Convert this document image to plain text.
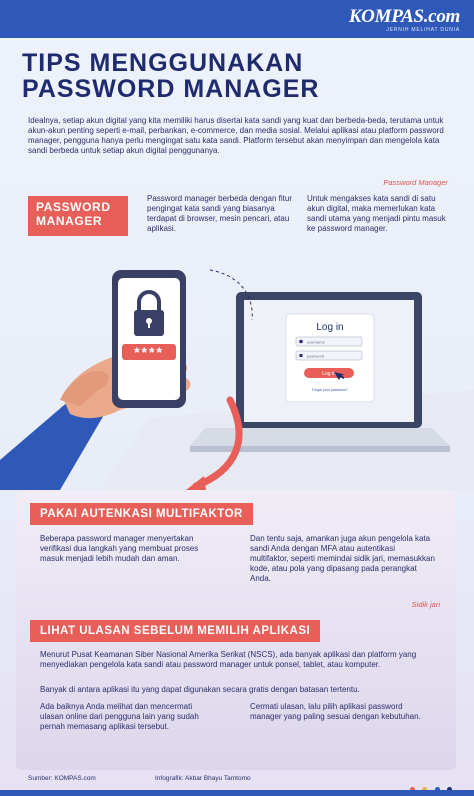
KOMPAS.com
JERNIH MELIHAT DUNIA
TIPS MENGGUNAKAN
PASSWORD MANAGER
Idealnya, setiap akun digital yang kita memiliki harus disertai kata sandi yang kuat dan berbeda-beda, terutama untuk akun-akun penting seperti e-mail, perbankan, e-commerce, dan media sosial. Melalui aplikasi atau platform password manager, pengguna hanya perlu mengingat satu kata sandi. Platform tersebut akan menyimpan dan mengelola kata sandi berbeda untuk setiap akun digital penggunanya.
Password Manager
PASSWORD
MANAGER
Password manager berbeda dengan fitur pengingat kata sandi yang biasanya terdapat di browser, mesin pencari, atau aplikasi.
Untuk mengakses kata sandi di satu akun digital, maka memerlukan kata sandi utama yang menjadi pintu masuk ke password manager.
Log in
username
password
Log in
Forgot your password?
****
PAKAI AUTENKASI MULTIFAKTOR
Beberapa password manager menyertakan verifikasi dua langkah yang membuat proses masuk menjadi lebih mudah dan aman.
Dan tentu saja, amankan juga akun pengelola kata sandi Anda dengan MFA atau autentikasi multifaktor, seperti memindai sidik jari, memasukkan kode, atau pola yang dipasang pada perangkat Anda.
Sidik jari
LIHAT ULASAN SEBELUM MEMILIH APLIKASI
Menurut Pusat Keamanan Siber Nasional Amerika Serikat (NSCS), ada banyak aplikasi dan platform yang menyediakan pengelola kata sandi atau password manager untuk ponsel, tablet, atau komputer.
Banyak di antara aplikasi itu yang dapat digunakan secara gratis dengan batasan tertentu.
Ada baiknya Anda melihat dan mencermati ulasan online dari pengguna lain yang sudah pernah memasang aplikasi tersebut.
Cermati ulasan, lalu pilih aplikasi password manager yang paling sesuai dengan kebutuhan.
Sumber: KOMPAS.com	Infografik: Akbar Bhayu Tamtomo
